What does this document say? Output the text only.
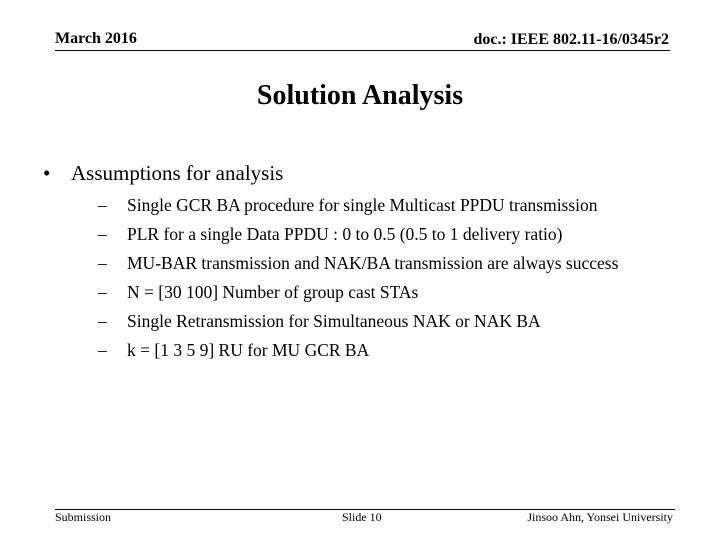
March 2016	doc.: IEEE 802.11-16/0345r2
Solution Analysis
• Assumptions for analysis
– Single GCR BA procedure for single Multicast PPDU transmission
– PLR for a single Data PPDU : 0 to 0.5 (0.5 to 1 delivery ratio)
– MU-BAR transmission and NAK/BA transmission are always success
– N = [30 100] Number of group cast STAs
– Single Retransmission for Simultaneous NAK or NAK BA
– k = [1 3 5 9] RU for MU GCR BA
Submission	Slide 10	Jinsoo Ahn, Yonsei University
